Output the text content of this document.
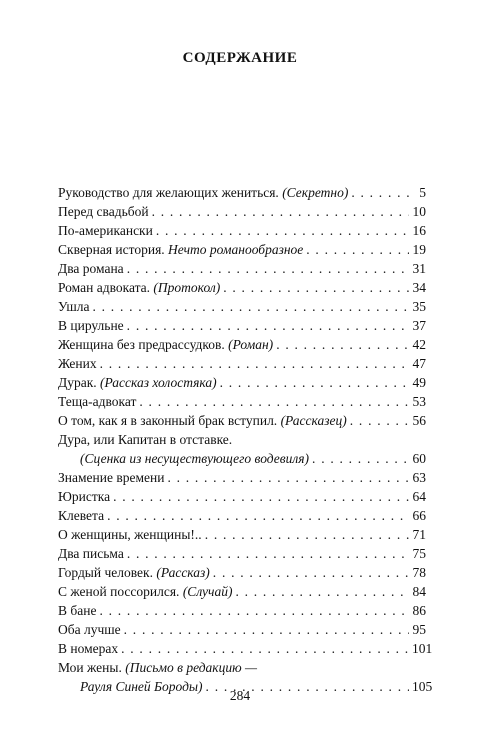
СОДЕРЖАНИЕ
Руководство для желающих жениться. (Секретно) . . .	5
Перед свадьбой . . .	10
По-американски . . .	16
Скверная история. Нечто романообразное . . .	19
Два романа . . .	31
Роман адвоката. (Протокол) . . .	34
Ушла . . .	35
В цирульне . . .	37
Женщина без предрассудков. (Роман) . . .	42
Жених . . .	47
Дурак. (Рассказ холостяка) . . .	49
Теща-адвокат . . .	53
О том, как я в законный брак вступил. (Рассказец) . . .	56
Дура, или Капитан в отставке.
(Сценка из несуществующего водевиля) . . .	60
Знамение времени . . .	63
Юристка . . .	64
Клевета . . .	66
О женщины, женщины!.. . . .	71
Два письма . . .	75
Гордый человек. (Рассказ) . . .	78
С женой поссорился. (Случай) . . .	84
В бане . . .	86
Оба лучше . . .	95
В номерах . . .	101
Мои жены. (Письмо в редакцию —
Рауля Синей Бороды) . . .	105
284
